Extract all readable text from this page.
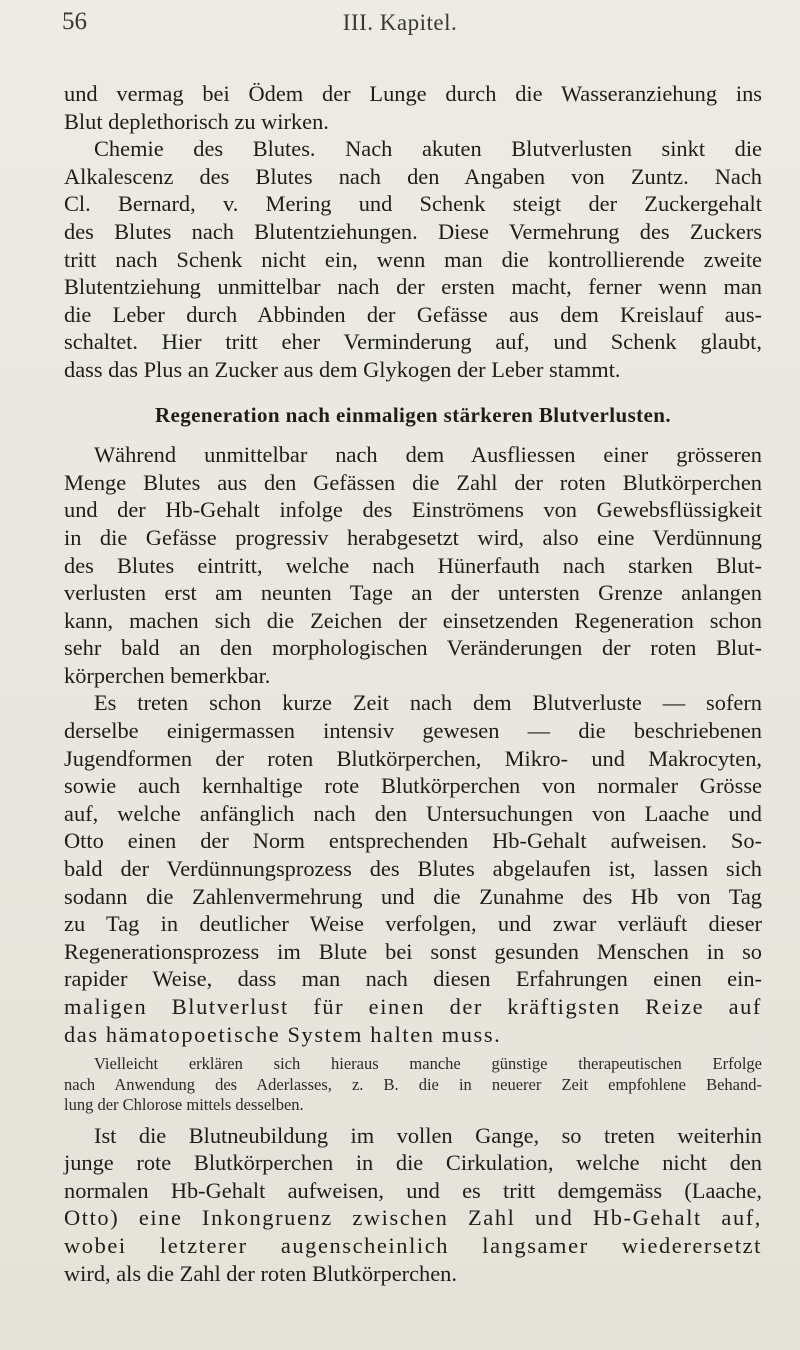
56	III. Kapitel.
und vermag bei Ödem der Lunge durch die Wasseranziehung ins
Blut deplethorisch zu wirken.
Chemie des Blutes. Nach akuten Blutverlusten sinkt die
Alkalescenz des Blutes nach den Angaben von Zuntz. Nach
Cl. Bernard, v. Mering und Schenk steigt der Zuckergehalt
des Blutes nach Blutentziehungen. Diese Vermehrung des Zuckers
tritt nach Schenk nicht ein, wenn man die kontrollierende zweite
Blutentziehung unmittelbar nach der ersten macht, ferner wenn man
die Leber durch Abbinden der Gefässe aus dem Kreislauf aus-
schaltet. Hier tritt eher Verminderung auf, und Schenk glaubt,
dass das Plus an Zucker aus dem Glykogen der Leber stammt.
Regeneration nach einmaligen stärkeren Blutverlusten.
Während unmittelbar nach dem Ausfliessen einer grösseren
Menge Blutes aus den Gefässen die Zahl der roten Blutkörperchen
und der Hb-Gehalt infolge des Einströmens von Gewebsflüssigkeit
in die Gefässe progressiv herabgesetzt wird, also eine Verdünnung
des Blutes eintritt, welche nach Hünerfauth nach starken Blut-
verlusten erst am neunten Tage an der untersten Grenze anlangen
kann, machen sich die Zeichen der einsetzenden Regeneration schon
sehr bald an den morphologischen Veränderungen der roten Blut-
körperchen bemerkbar.
Es treten schon kurze Zeit nach dem Blutverluste — sofern
derselbe einigermassen intensiv gewesen — die beschriebenen
Jugendformen der roten Blutkörperchen, Mikro- und Makrocyten,
sowie auch kernhaltige rote Blutkörperchen von normaler Grösse
auf, welche anfänglich nach den Untersuchungen von Laache und
Otto einen der Norm entsprechenden Hb-Gehalt aufweisen. So-
bald der Verdünnungsprozess des Blutes abgelaufen ist, lassen sich
sodann die Zahlenvermehrung und die Zunahme des Hb von Tag
zu Tag in deutlicher Weise verfolgen, und zwar verläuft dieser
Regenerationsprozess im Blute bei sonst gesunden Menschen in so
rapider Weise, dass man nach diesen Erfahrungen einen ein-
maligen Blutverlust für einen der kräftigsten Reize auf
das hämatopoetische System halten muss.
Vielleicht erklären sich hieraus manche günstige therapeutischen Erfolge
nach Anwendung des Aderlasses, z. B. die in neuerer Zeit empfohlene Behand-
lung der Chlorose mittels desselben.
Ist die Blutneubildung im vollen Gange, so treten weiterhin
junge rote Blutkörperchen in die Cirkulation, welche nicht den
normalen Hb-Gehalt aufweisen, und es tritt demgemäss (Laache,
Otto) eine Inkongruenz zwischen Zahl und Hb-Gehalt auf,
wobei letzterer augenscheinlich langsamer wiederersetzt
wird, als die Zahl der roten Blutkörperchen.
